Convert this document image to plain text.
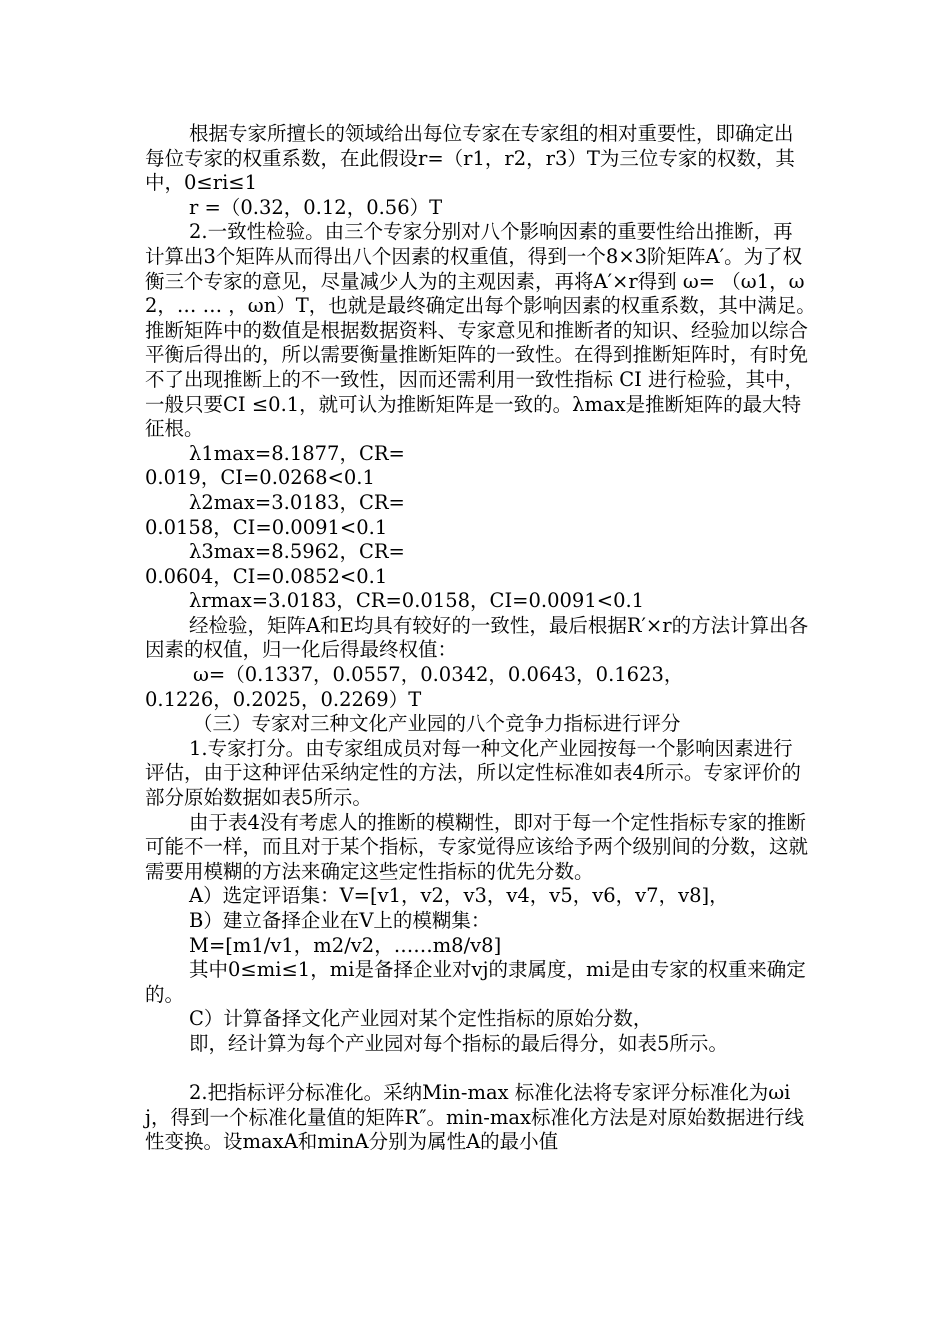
根据专家所擅长的领域给出每位专家在专家组的相对重要性，即确定出每位专家的权重系数，在此假设r=（r1，r2，r3）T为三位专家的权数，其中，0≤ri≤1

r =（0.32，0.12，0.56）T

2.一致性检验。由三个专家分别对八个影响因素的重要性给出推断，再计算出3个矩阵从而得出八个因素的权重值，得到一个8×3阶矩阵A′。为了权衡三个专家的意见，尽量减少人为的主观因素，再将A′×r得到 ω= （ω1，ω2，… … ，ωn）T，也就是最终确定出每个影响因素的权重系数，其中满足。　　推断矩阵中的数值是根据数据资料、专家意见和推断者的知识、经验加以综合平衡后得出的，所以需要衡量推断矩阵的一致性。在得到推断矩阵时，有时免不了出现推断上的不一致性，因而还需利用一致性指标 CI 进行检验，其中，一般只要CI ≤0.1，就可认为推断矩阵是一致的。λmax是推断矩阵的最大特征根。

λ1max=8.1877，CR=

0.019，CI=0.0268<0.1

λ2max=3.0183，CR=

0.0158，CI=0.0091<0.1

λ3max=8.5962，CR=

0.0604，CI=0.0852<0.1

λrmax=3.0183，CR=0.0158，CI=0.0091<0.1

经检验，矩阵A和E均具有较好的一致性，最后根据R′×r的方法计算出各因素的权值，归一化后得最终权值：

ω=（0.1337，0.0557，0.0342，0.0643，0.1623，

0.1226，0.2025，0.2269）T

（三）专家对三种文化产业园的八个竞争力指标进行评分

1.专家打分。由专家组成员对每一种文化产业园按每一个影响因素进行评估，由于这种评估采纳定性的方法，所以定性标准如表4所示。专家评价的部分原始数据如表5所示。

由于表4没有考虑人的推断的模糊性，即对于每一个定性指标专家的推断可能不一样，而且对于某个指标，专家觉得应该给予两个级别间的分数，这就需要用模糊的方法来确定这些定性指标的优先分数。

A）选定评语集：V=[v1，v2，v3，v4，v5，v6，v7，v8]，

B）建立备择企业在V上的模糊集：

M=[m1/v1，m2/v2，……m8/v8]

其中0≤mi≤1，mi是备择企业对vj的隶属度，mi是由专家的权重来确定的。

C）计算备择文化产业园对某个定性指标的原始分数，

即，经计算为每个产业园对每个指标的最后得分，如表5所示。

2.把指标评分标准化。采纳Min-max 标准化法将专家评分标准化为ωij，得到一个标准化量值的矩阵R″。min-max标准化方法是对原始数据进行线性变换。设maxA和minA分别为属性A的最小值
